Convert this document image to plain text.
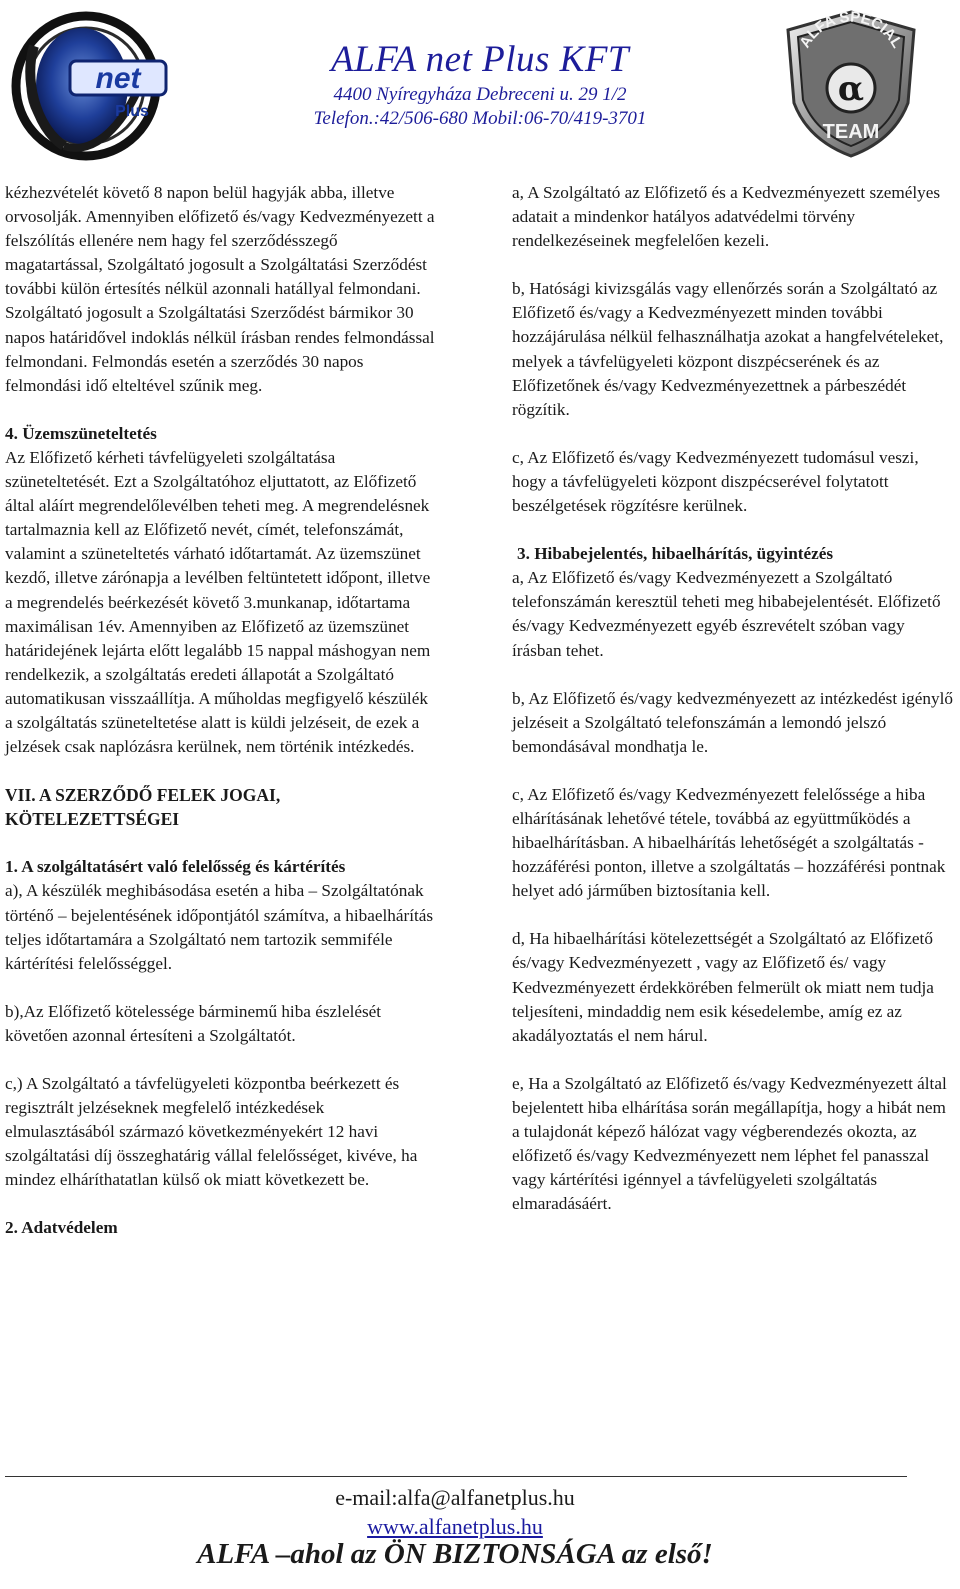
net
Plus
ALFA net Plus KFT
4400 Nyíregyháza Debreceni u. 29 1/2
Telefon.:42/506-680 Mobil:06-70/419-3701
ALFA SPECIAL
α
TEAM

kézhezvételét követő 8 napon belül hagyják abba, illetve orvosolják. Amennyiben előfizető és/vagy Kedvezményezett a felszólítás ellenére nem hagy fel szerződésszegő magatartással, Szolgáltató jogosult a Szolgáltatási Szerződést további külön értesítés nélkül azonnali hatállyal felmondani. Szolgáltató jogosult a Szolgáltatási Szerződést bármikor 30 napos határidővel indoklás nélkül írásban rendes felmondással felmondani. Felmondás esetén a szerződés 30 napos felmondási idő elteltével szűnik meg.

4. Üzemszüneteltetés

Az Előfizető kérheti távfelügyeleti szolgáltatása szüneteltetését. Ezt a Szolgáltatóhoz eljuttatott, az Előfizető által aláírt megrendelőlevélben teheti meg. A megrendelésnek tartalmaznia kell az Előfizető nevét, címét, telefonszámát, valamint a szüneteltetés várható időtartamát. Az üzemszünet kezdő, illetve zárónapja a levélben feltüntetett időpont, illetve a megrendelés beérkezését követő 3.munkanap, időtartama maximálisan 1év. Amennyiben az Előfizető az üzemszünet határidejének lejárta előtt legalább 15 nappal máshogyan nem rendelkezik, a szolgáltatás eredeti állapotát a Szolgáltató automatikusan visszaállítja. A műholdas megfigyelő készülék a szolgáltatás szüneteltetése alatt is küldi jelzéseit, de ezek a jelzések csak naplózásra kerülnek, nem történik intézkedés.

VII. A SZERZŐDŐ FELEK JOGAI, KÖTELEZETTSÉGEI
1. A szolgáltatásért való felelősség és kártérítés

a), A készülék meghibásodása esetén a hiba – Szolgáltatónak történő – bejelentésének időpontjától számítva, a hibaelhárítás teljes időtartamára a Szolgáltató nem tartozik semmiféle kártérítési felelősséggel.

b),Az Előfizető kötelessége bárminemű hiba észlelését követően azonnal értesíteni a Szolgáltatót.

c,) A Szolgáltató a távfelügyeleti központba beérkezett és regisztrált jelzéseknek megfelelő intézkedések elmulasztásából származó következményekért 12 havi szolgáltatási díj összeghatárig vállal felelősséget, kivéve, ha mindez elháríthatatlan külső ok miatt következett be.

2. Adatvédelem

a, A Szolgáltató az Előfizető és a Kedvezményezett személyes adatait a mindenkor hatályos adatvédelmi törvény rendelkezéseinek megfelelően kezeli.

b, Hatósági kivizsgálás vagy ellenőrzés során a Szolgáltató az Előfizető és/vagy a Kedvezményezett minden további hozzájárulása nélkül felhasználhatja azokat a hangfelvételeket, melyek a távfelügyeleti központ diszpécserének és az Előfizetőnek és/vagy Kedvezményezettnek a párbeszédét rögzítik.

c, Az Előfizető és/vagy Kedvezményezett tudomásul veszi, hogy a távfelügyeleti központ diszpécserével folytatott beszélgetések rögzítésre kerülnek.

3. Hibabejelentés, hibaelhárítás, ügyintézés

a, Az Előfizető és/vagy Kedvezményezett a Szolgáltató telefonszámán keresztül teheti meg hibabejelentését. Előfizető és/vagy Kedvezményezett egyéb észrevételt szóban vagy írásban tehet.

b, Az Előfizető és/vagy kedvezményezett az intézkedést igénylő jelzéseit a Szolgáltató telefonszámán a lemondó jelszó bemondásával mondhatja le.

c, Az Előfizető és/vagy Kedvezményezett felelőssége a hiba elhárításának lehetővé tétele, továbbá az együttműködés a hibaelhárításban. A hibaelhárítás lehetőségét a szolgáltatás - hozzáférési ponton, illetve a szolgáltatás – hozzáférési pontnak helyet adó járműben biztosítania kell.

d, Ha hibaelhárítási kötelezettségét a Szolgáltató az Előfizető és/vagy Kedvezményezett , vagy az Előfizető és/ vagy Kedvezményezett érdekkörében felmerült ok miatt nem tudja teljesíteni, mindaddig nem esik késedelembe, amíg ez az akadályoztatás el nem hárul.

e, Ha a Szolgáltató az Előfizető és/vagy Kedvezményezett által bejelentett hiba elhárítása során megállapítja, hogy a hibát nem a tulajdonát képező hálózat vagy végberendezés okozta, az előfizető és/vagy Kedvezményezett nem léphet fel panasszal vagy kártérítési igénnyel a távfelügyeleti szolgáltatás elmaradásáért.

e-mail:alfa@alfanetplus.hu
www.alfanetplus.hu
ALFA –ahol az ÖN BIZTONSÁGA az első!
